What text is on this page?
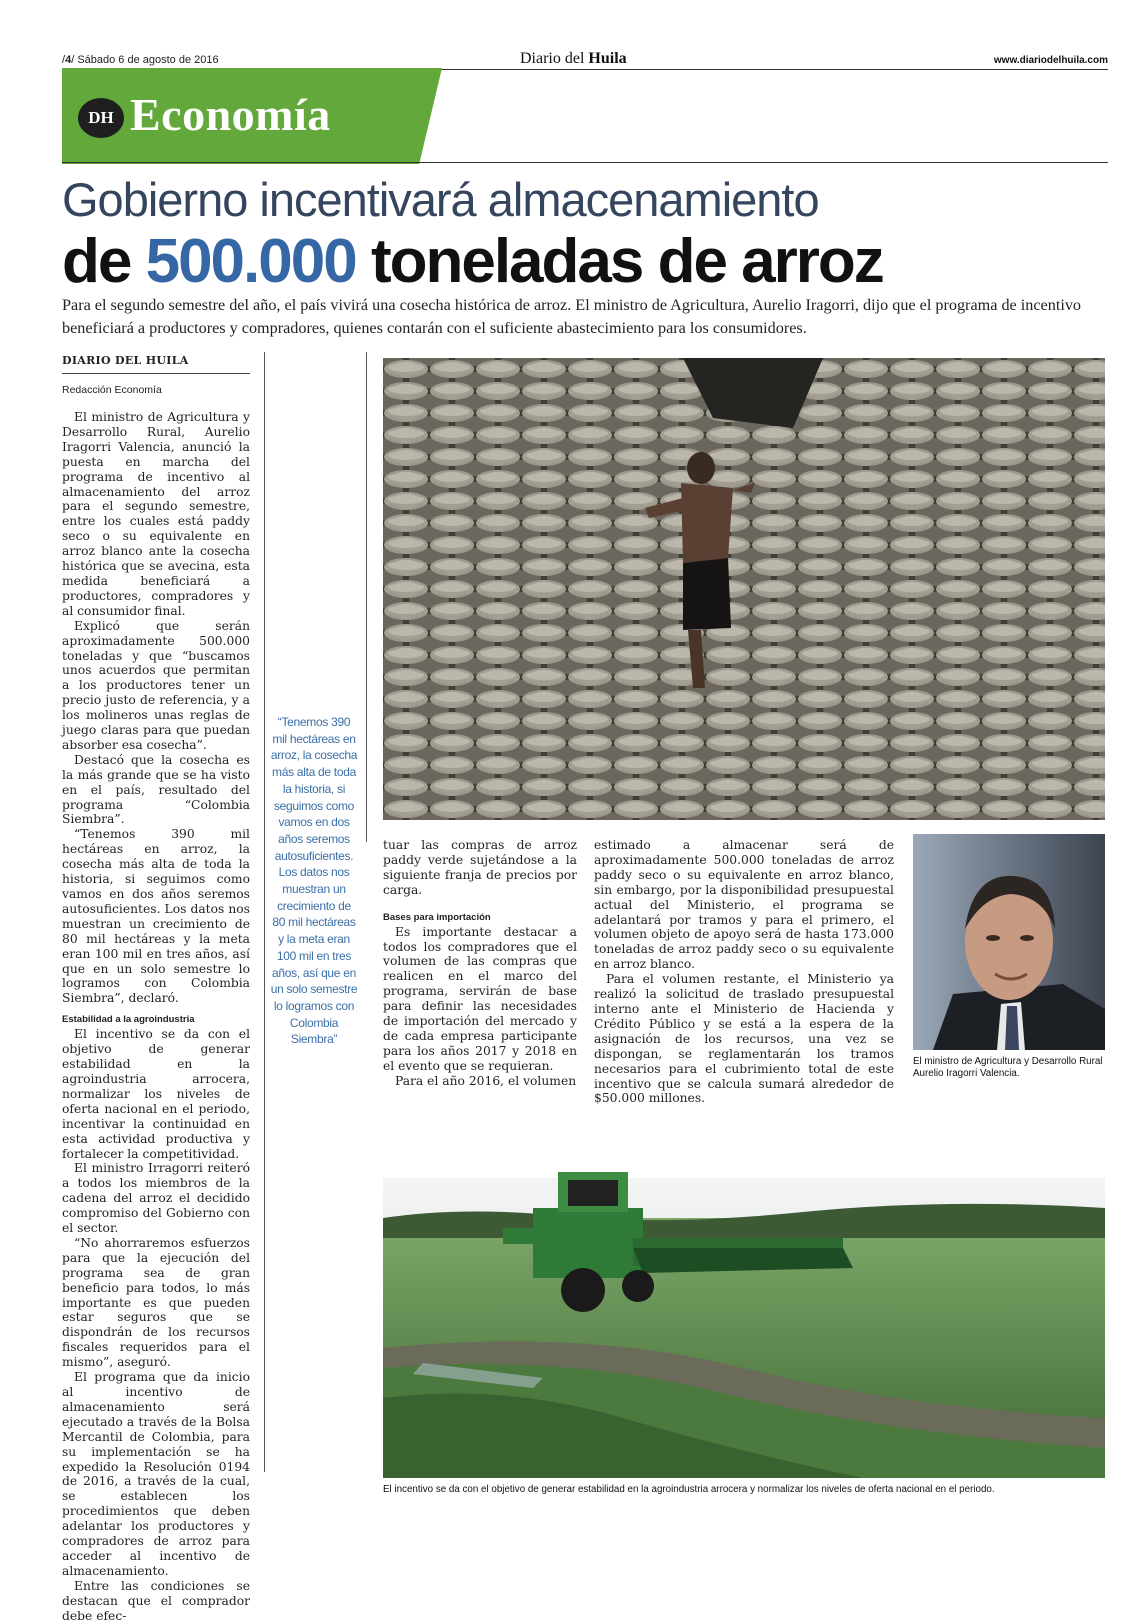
/4/ Sábado 6 de agosto de 2016	Diario del Huila	www.diariodelhuila.com
DH Economía
Gobierno incentivará almacenamiento
de 500.000 toneladas de arroz
Para el segundo semestre del año, el país vivirá una cosecha histórica de arroz. El ministro de Agricultura, Aurelio Iragorri, dijo que el programa de incentivo beneficiará a productores y compradores, quienes contarán con el suficiente abastecimiento para los consumidores.
DIARIO DEL HUILA
Redacción Economía

El ministro de Agricultura y Desarrollo Rural, Aurelio Iragorri Valencia, anunció la puesta en marcha del programa de incentivo al almacenamiento del arroz para el segundo semestre, entre los cuales está paddy seco o su equivalente en arroz blanco ante la cosecha histórica que se avecina, esta medida beneficiará a productores, compradores y al consumidor final.

Explicó que serán aproximadamente 500.000 toneladas y que “buscamos unos acuerdos que permitan a los productores tener un precio justo de referencia, y a los molineros unas reglas de juego claras para que puedan absorber esa cosecha”.

Destacó que la cosecha es la más grande que se ha visto en el país, resultado del programa “Colombia Siembra”.

“Tenemos 390 mil hectáreas en arroz, la cosecha más alta de toda la historia, si seguimos como vamos en dos años seremos autosuficientes. Los datos nos muestran un crecimiento de 80 mil hectáreas y la meta eran 100 mil en tres años, así que en un solo semestre lo logramos con Colombia Siembra”, declaró.

Estabilidad a la agroindustria

El incentivo se da con el objetivo de generar estabilidad en la agroindustria arrocera, normalizar los niveles de oferta nacional en el periodo, incentivar la continuidad en esta actividad productiva y fortalecer la competitividad.

El ministro Irragorri reiteró a todos los miembros de la cadena del arroz el decidido compromiso del Gobierno con el sector.

“No ahorraremos esfuerzos para que la ejecución del programa sea de gran beneficio para todos, lo más importante es que pueden estar seguros que se dispondrán de los recursos fiscales requeridos para el mismo”, aseguró.

El programa que da inicio al incentivo de almacenamiento será ejecutado a través de la Bolsa Mercantil de Colombia, para su implementación se ha expedido la Resolución 0194 de 2016, a través de la cual, se establecen los procedimientos que deben adelantar los productores y compradores de arroz para acceder al incentivo de almacenamiento.

Entre las condiciones se destacan que el comprador debe efec-

“Tenemos 390 mil hectáreas en arroz, la cosecha más alta de toda la historia, si seguimos como vamos en dos años seremos autosuficientes. Los datos nos muestran un crecimiento de 80 mil hectáreas y la meta eran 100 mil en tres años, así que en un solo semestre lo logramos con Colombia Siembra”

tuar las compras de arroz paddy verde sujetándose a la siguiente franja de precios por carga.

Bases para importación

Es importante destacar a todos los compradores que el volumen de las compras que realicen en el marco del programa, servirán de base para definir las necesidades de importación del mercado y de cada empresa participante para los años 2017 y 2018 en el evento que se requieran.

Para el año 2016, el volumen

estimado a almacenar será de aproximadamente 500.000 toneladas de arroz paddy seco o su equivalente en arroz blanco, sin embargo, por la disponibilidad presupuestal actual del Ministerio, el programa se adelantará por tramos y para el primero, el volumen objeto de apoyo será de hasta 173.000 toneladas de arroz paddy seco o su equivalente en arroz blanco.

Para el volumen restante, el Ministerio ya realizó la solicitud de traslado presupuestal interno ante el Ministerio de Hacienda y Crédito Público y se está a la espera de la asignación de los recursos, una vez se dispongan, se reglamentarán los tramos necesarios para el cubrimiento total de este incentivo que se calcula sumará alrededor de $50.000 millones.

El ministro de Agricultura y Desarrollo Rural Aurelio Iragorri Valencia.
El incentivo se da con el objetivo de generar estabilidad en la agroindustria arrocera y normalizar los niveles de oferta nacional en el periodo.
